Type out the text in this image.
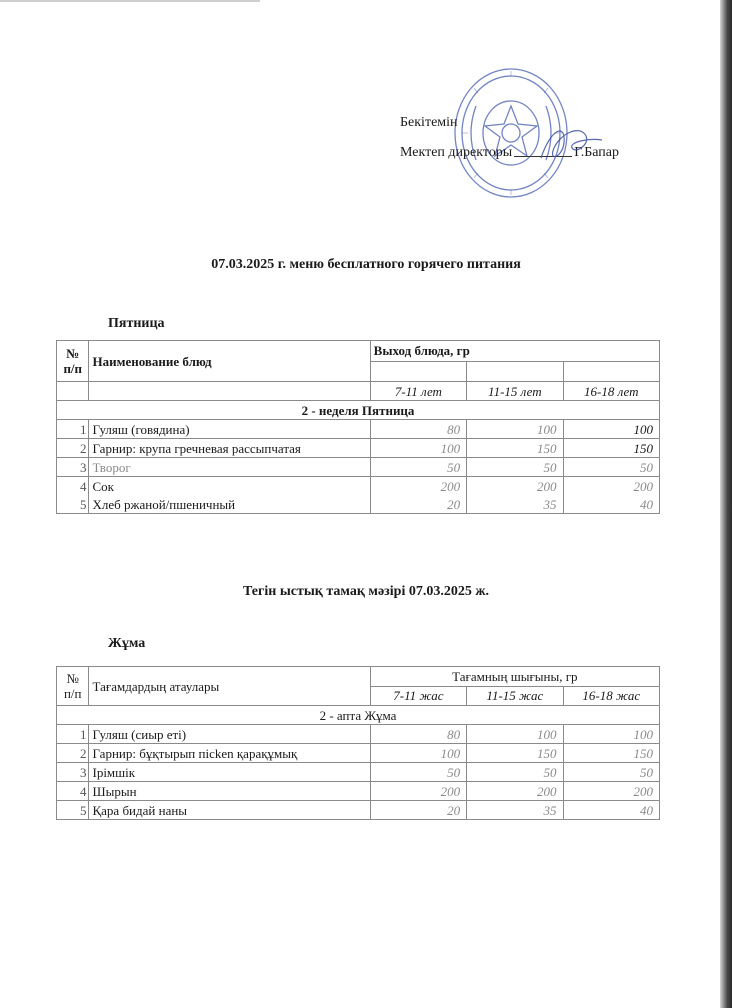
Бекітемін
Мектеп директоры	Г.Бапар
07.03.2025 г. меню бесплатного горячего питания
Пятница
№ п/п	Наименование блюд	Выход блюда, гр		

		7-11 лет	11-15 лет	16-18 лет
2 - неделя Пятница				
1	Гуляш (говядина)	80	100	100
2	Гарнир: крупа гречневая рассыпчатая	100	150	150
3	Творог	50	50	50
4	Сок	200	200	200
5	Хлеб ржаной/пшеничный	20	35	40
Тегін ыстық тамақ мәзірі 07.03.2025 ж.
Жұма
№ п/п	Тағамдардың атаулары	Тағамның шығыны, гр		
		7-11 жас	11-15 жас	16-18 жас
2 - апта Жұма				
1	Гуляш (сиыр еті)	80	100	100
2	Гарнир: бұқтырып пісken қарақұмық	100	150	150
3	Ірімшік	50	50	50
4	Шырын	200	200	200
5	Қара бидай наны	20	35	40
